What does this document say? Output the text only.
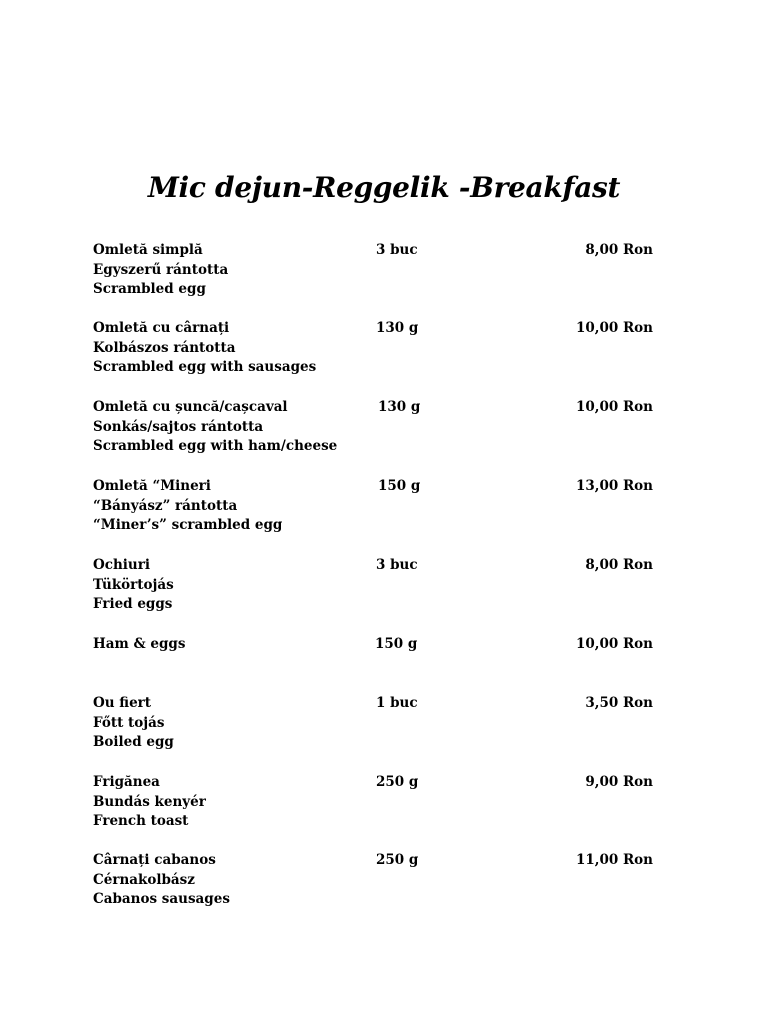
Mic dejun-Reggelik -Breakfast
Omletă simplă
Egyszerű rántotta
Scrambled egg
3 buc	8,00 Ron
Omletă cu cârnați
Kolbászos rántotta
Scrambled egg with sausages
130 g	10,00 Ron
Omletă cu șuncă/cașcaval
Sonkás/sajtos rántotta
Scrambled egg with ham/cheese
130 g	10,00 Ron
Omletă “Mineri
“Bányász” rántotta
“Miner’s” scrambled egg
150 g	13,00 Ron
Ochiuri
Tükörtojás
Fried eggs
3 buc	8,00 Ron
Ham & eggs	150 g	10,00 Ron
Ou fiert
Főtt tojás
Boiled egg
1 buc	3,50 Ron
Frigănea
Bundás kenyér
French toast
250 g	9,00 Ron
Cârnați cabanos
Cérnakolbász
Cabanos sausages
250 g	11,00 Ron
